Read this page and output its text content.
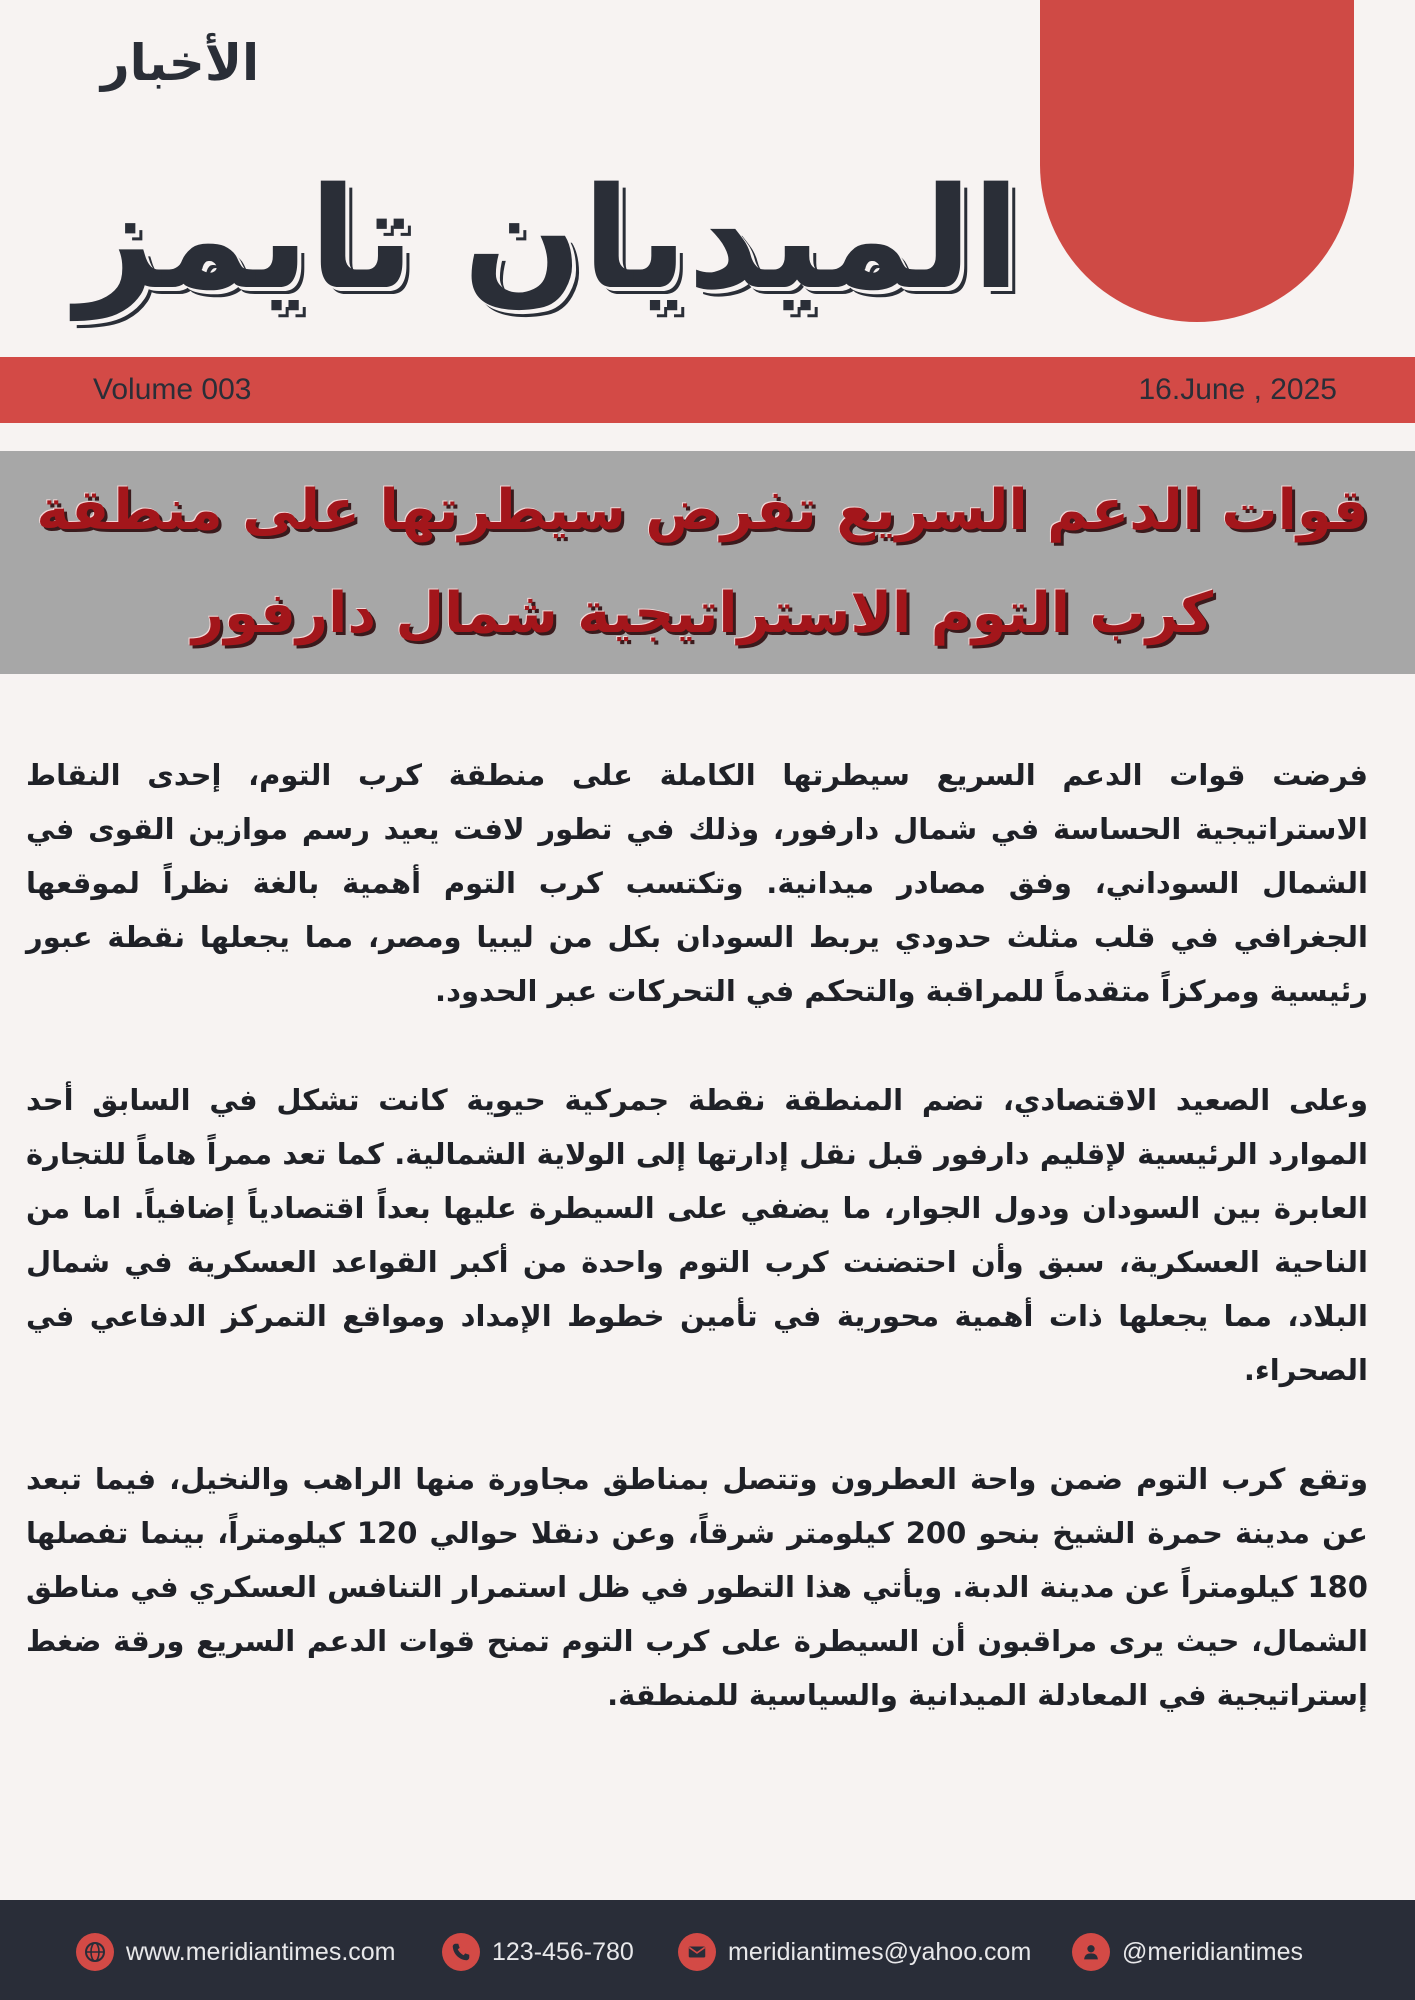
الأخبار
الميديان تايمز
Volume 003	16.June , 2025
قوات الدعم السريع تفرض سيطرتها على منطقة كرب التوم الاستراتيجية شمال دارفور

فرضت قوات الدعم السريع سيطرتها الكاملة على منطقة كرب التوم، إحدى النقاط الاستراتيجية الحساسة في شمال دارفور، وذلك في تطور لافت يعيد رسم موازين القوى في الشمال السوداني، وفق مصادر ميدانية. وتكتسب كرب التوم أهمية بالغة نظراً لموقعها الجغرافي في قلب مثلث حدودي يربط السودان بكل من ليبيا ومصر، مما يجعلها نقطة عبور رئيسية ومركزاً متقدماً للمراقبة والتحكم في التحركات عبر الحدود.

وعلى الصعيد الاقتصادي، تضم المنطقة نقطة جمركية حيوية كانت تشكل في السابق أحد الموارد الرئيسية لإقليم دارفور قبل نقل إدارتها إلى الولاية الشمالية. كما تعد ممراً هاماً للتجارة العابرة بين السودان ودول الجوار، ما يضفي على السيطرة عليها بعداً اقتصادياً إضافياً. اما من الناحية العسكرية، سبق وأن احتضنت كرب التوم واحدة من أكبر القواعد العسكرية في شمال البلاد، مما يجعلها ذات أهمية محورية في تأمين خطوط الإمداد ومواقع التمركز الدفاعي في الصحراء.

وتقع كرب التوم ضمن واحة العطرون وتتصل بمناطق مجاورة منها الراهب والنخيل، فيما تبعد عن مدينة حمرة الشيخ بنحو 200 كيلومتر شرقاً، وعن دنقلا حوالي 120 كيلومتراً، بينما تفصلها 180 كيلومتراً عن مدينة الدبة. ويأتي هذا التطور في ظل استمرار التنافس العسكري في مناطق الشمال، حيث يرى مراقبون أن السيطرة على كرب التوم تمنح قوات الدعم السريع ورقة ضغط إستراتيجية في المعادلة الميدانية والسياسية للمنطقة.

www.meridiantimes.com	123-456-780	meridiantimes@yahoo.com	@meridiantimes
